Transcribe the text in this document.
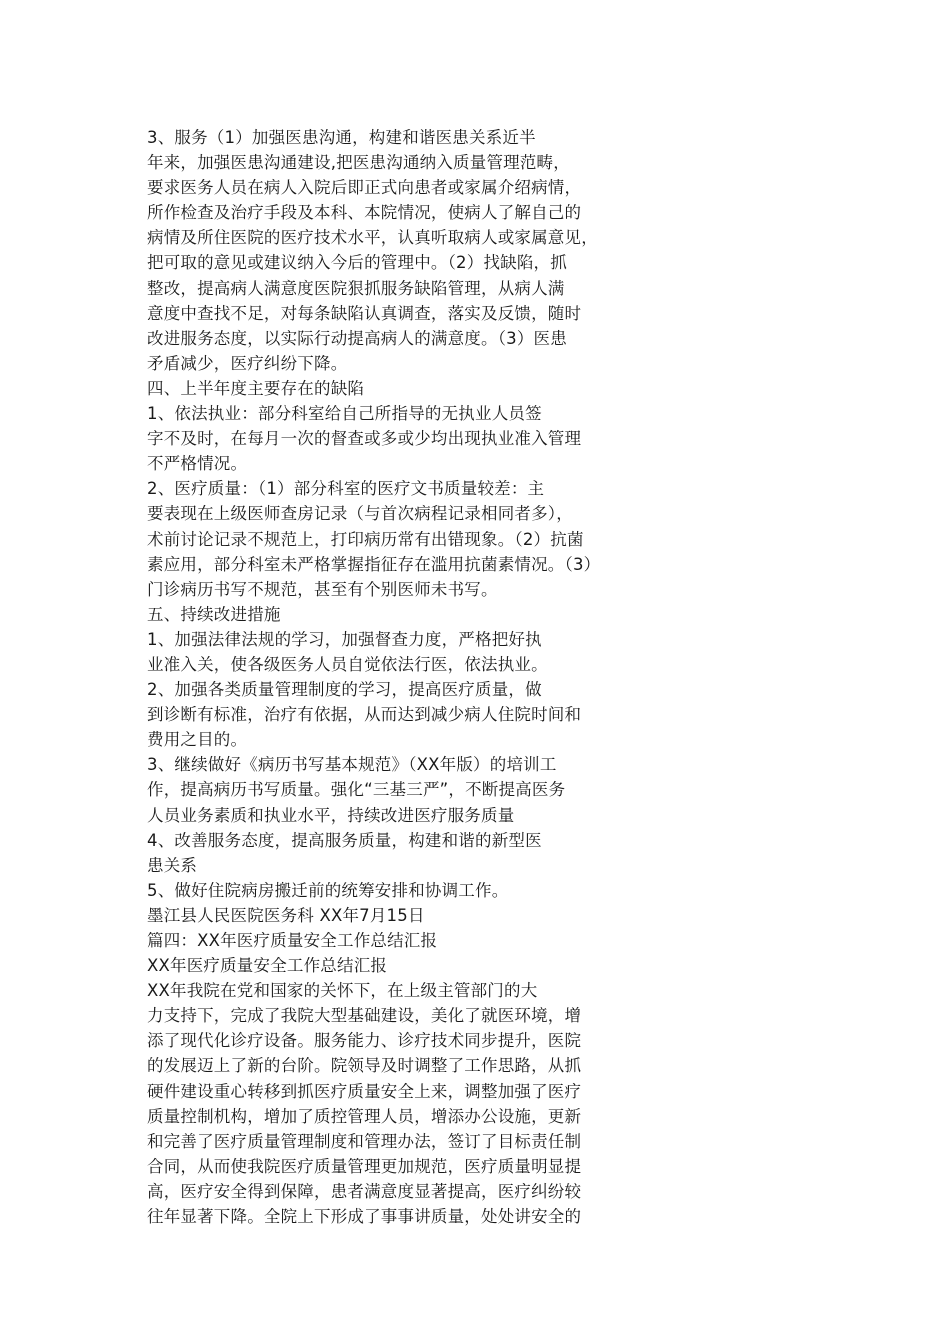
3、服务（1）加强医患沟通，构建和谐医患关系近半
年来，加强医患沟通建设,把医患沟通纳入质量管理范畴，
要求医务人员在病人入院后即正式向患者或家属介绍病情，
所作检查及治疗手段及本科、本院情况，使病人了解自己的
病情及所住医院的医疗技术水平，认真听取病人或家属意见，
把可取的意见或建议纳入今后的管理中。（2）找缺陷，抓
整改，提高病人满意度医院狠抓服务缺陷管理，从病人满
意度中查找不足，对每条缺陷认真调查，落实及反馈，随时
改进服务态度，以实际行动提高病人的满意度。（3）医患
矛盾减少，医疗纠纷下降。
四、上半年度主要存在的缺陷
1、依法执业：部分科室给自己所指导的无执业人员签
字不及时，在每月一次的督查或多或少均出现执业准入管理
不严格情况。
2、医疗质量：（1）部分科室的医疗文书质量较差：主
要表现在上级医师查房记录（与首次病程记录相同者多），
术前讨论记录不规范上，打印病历常有出错现象。（2）抗菌
素应用，部分科室未严格掌握指征存在滥用抗菌素情况。（3）
门诊病历书写不规范，甚至有个别医师未书写。
五、持续改进措施
1、加强法律法规的学习，加强督查力度，严格把好执
业准入关，使各级医务人员自觉依法行医，依法执业。
2、加强各类质量管理制度的学习，提高医疗质量，做
到诊断有标准，治疗有依据，从而达到减少病人住院时间和
费用之目的。
3、继续做好《病历书写基本规范》（XX年版）的培训工
作，提高病历书写质量。强化“三基三严”，不断提高医务
人员业务素质和执业水平，持续改进医疗服务质量
4、改善服务态度，提高服务质量，构建和谐的新型医
患关系
5、做好住院病房搬迁前的统筹安排和协调工作。
墨江县人民医院医务科 XX年7月15日
篇四：XX年医疗质量安全工作总结汇报
XX年医疗质量安全工作总结汇报
XX年我院在党和国家的关怀下，在上级主管部门的大
力支持下，完成了我院大型基础建设，美化了就医环境，增
添了现代化诊疗设备。服务能力、诊疗技术同步提升，医院
的发展迈上了新的台阶。院领导及时调整了工作思路，从抓
硬件建设重心转移到抓医疗质量安全上来，调整加强了医疗
质量控制机构，增加了质控管理人员，增添办公设施，更新
和完善了医疗质量管理制度和管理办法，签订了目标责任制
合同，从而使我院医疗质量管理更加规范，医疗质量明显提
高，医疗安全得到保障，患者满意度显著提高，医疗纠纷较
往年显著下降。全院上下形成了事事讲质量，处处讲安全的
